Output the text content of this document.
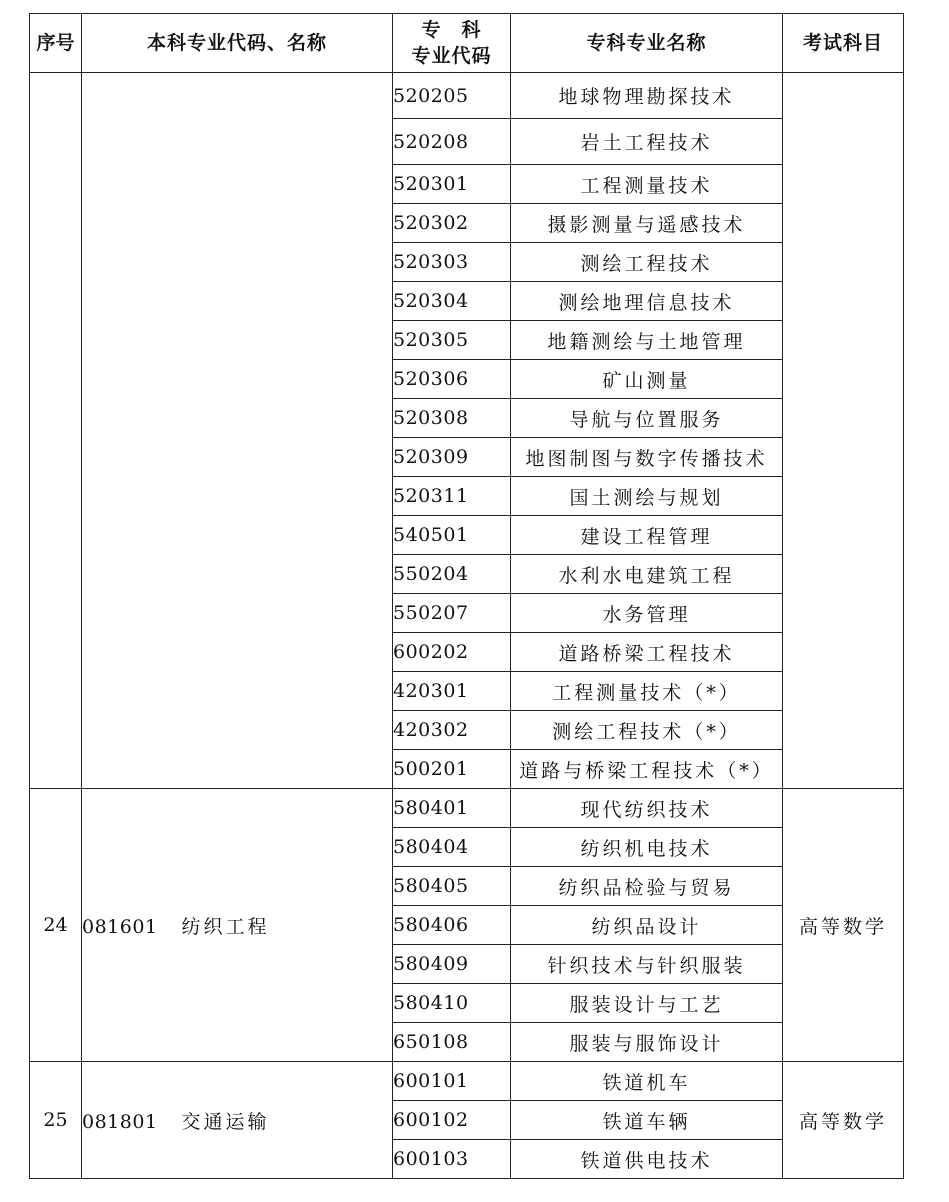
序号	本科专业代码、名称	专　科
专业代码	专科专业名称	考试科目
		520205	地球物理勘探技术	
		520208	岩土工程技术	
		520301	工程测量技术	
		520302	摄影测量与遥感技术	
		520303	测绘工程技术	
		520304	测绘地理信息技术	
		520305	地籍测绘与土地管理	
		520306	矿山测量	
		520308	导航与位置服务	
		520309	地图制图与数字传播技术	
		520311	国土测绘与规划	
		540501	建设工程管理	
		550204	水利水电建筑工程	
		550207	水务管理	
		600202	道路桥梁工程技术	
		420301	工程测量技术（*）	
		420302	测绘工程技术（*）	
		500201	道路与桥梁工程技术（*）	
24	081601 纺织工程	580401	现代纺织技术	高等数学
		580404	纺织机电技术	
		580405	纺织品检验与贸易	
		580406	纺织品设计	
		580409	针织技术与针织服装	
		580410	服装设计与工艺	
		650108	服装与服饰设计	
25	081801 交通运输	600101	铁道机车	高等数学
		600102	铁道车辆	
		600103	铁道供电技术	
